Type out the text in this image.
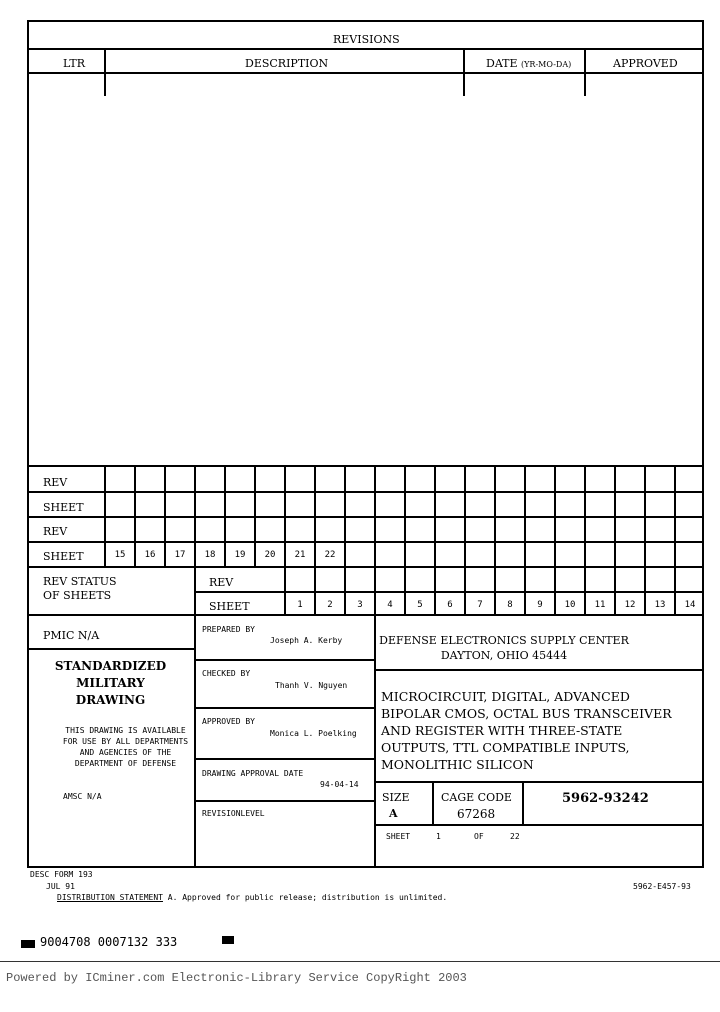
REVISIONS
LTR	DESCRIPTION	DATE (YR-MO-DA)	APPROVED
REV
SHEET
REV
SHEET	15	16	17	18	19	20	21	22
REV STATUS
OF SHEETS
REV
SHEET	1	2	3	4	5	6	7	8	9	10	11	12	13	14
PMIC N/A
STANDARDIZED
MILITARY
DRAWING
THIS DRAWING IS AVAILABLE
FOR USE BY ALL DEPARTMENTS
AND AGENCIES OF THE
DEPARTMENT OF DEFENSE
AMSC N/A
PREPARED BY
Joseph A. Kerby
CHECKED BY
Thanh V. Nguyen
APPROVED BY
Monica L. Poelking
DRAWING APPROVAL DATE
94-04-14
REVISIONLEVEL
DEFENSE ELECTRONICS SUPPLY CENTER
DAYTON, OHIO 45444
MICROCIRCUIT, DIGITAL, ADVANCED
BIPOLAR CMOS, OCTAL BUS TRANSCEIVER
AND REGISTER WITH THREE-STATE
OUTPUTS, TTL COMPATIBLE INPUTS,
MONOLITHIC SILICON
SIZE
A
CAGE CODE
67268
5962-93242
SHEET	1	OF	22
DESC FORM 193
JUL 91	5962-E457-93
DISTRIBUTION STATEMENT A. Approved for public release; distribution is unlimited.
9004708 0007132 333
Powered by ICminer.com Electronic-Library Service CopyRight 2003
